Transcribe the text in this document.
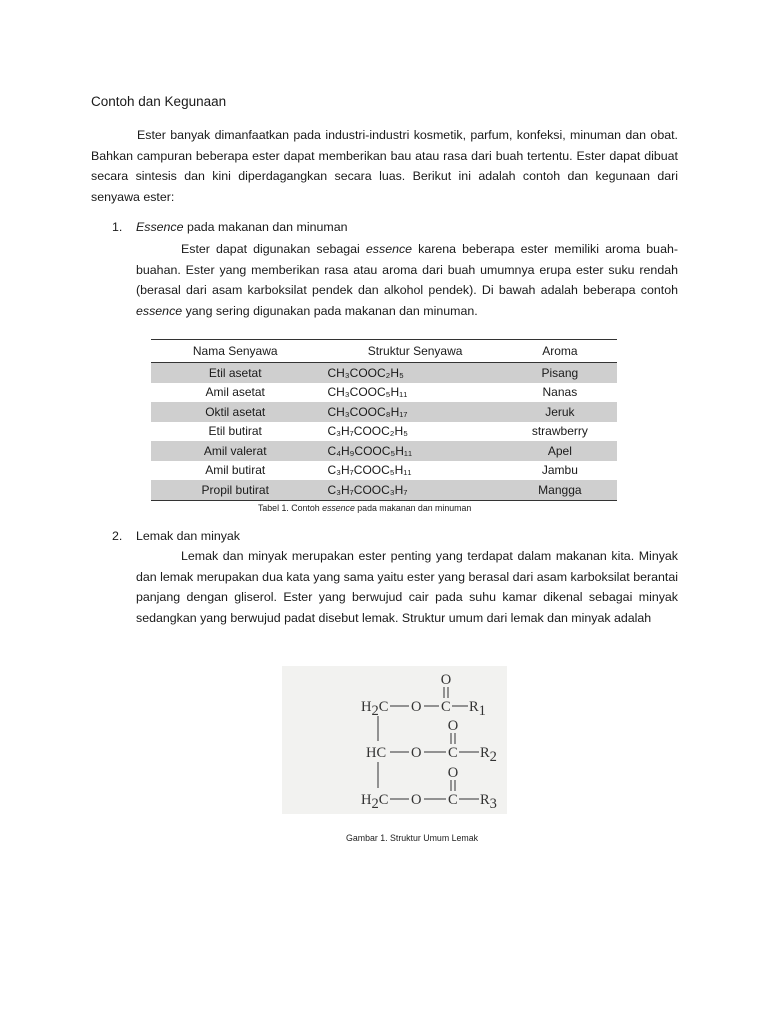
Contoh dan Kegunaan
Ester banyak dimanfaatkan pada industri-industri kosmetik, parfum, konfeksi, minuman dan obat. Bahkan campuran beberapa ester dapat memberikan bau atau rasa dari buah tertentu. Ester dapat dibuat secara sintesis dan kini diperdagangkan secara luas. Berikut ini adalah contoh dan kegunaan dari senyawa ester:
1. Essence pada makanan dan minuman
Ester dapat digunakan sebagai essence karena beberapa ester memiliki aroma buah-buahan. Ester yang memberikan rasa atau aroma dari buah umumnya erupa ester suku rendah (berasal dari asam karboksilat pendek dan alkohol pendek). Di bawah adalah beberapa contoh essence yang sering digunakan pada makanan dan minuman.
Nama Senyawa	Struktur Senyawa	Aroma
Etil asetat	CH₃COOC₂H₅	Pisang
Amil asetat	CH₃COOC₅H₁₁	Nanas
Oktil asetat	CH₃COOC₈H₁₇	Jeruk
Etil butirat	C₃H₇COOC₂H₅	strawberry
Amil valerat	C₄H₉COOC₅H₁₁	Apel
Amil butirat	C₃H₇COOC₅H₁₁	Jambu
Propil butirat	C₃H₇COOC₃H₇	Mangga
Tabel 1. Contoh essence pada makanan dan minuman
2. Lemak dan minyak
Lemak dan minyak merupakan ester penting yang terdapat dalam makanan kita. Minyak dan lemak merupakan dua kata yang sama yaitu ester yang berasal dari asam karboksilat berantai panjang dengan gliserol. Ester yang berwujud cair pada suhu kamar dikenal sebagai minyak sedangkan yang berwujud padat disebut lemak. Struktur umum dari lemak dan minyak adalah
O
H2C O C R1
O
HC O C R2
O
H2C O C R3
Gambar 1. Struktur Umum Lemak
